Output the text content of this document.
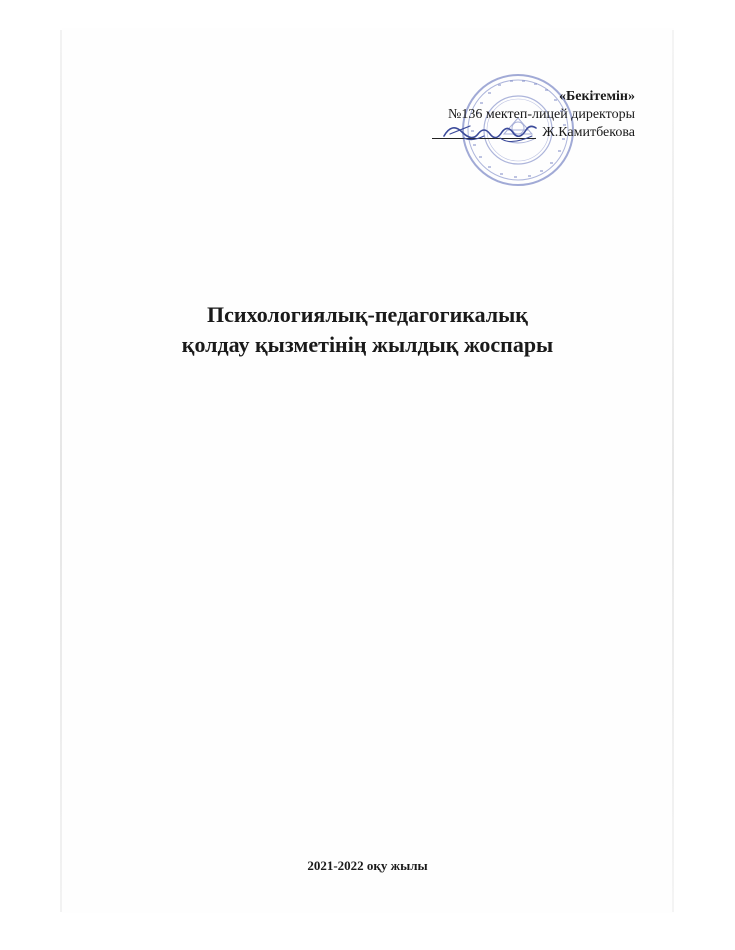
«Бекітемін»
№136 мектеп-лицей директоры
Ж.Камитбекова
Психологиялық-педагогикалық
қолдау қызметінің жылдық жоспары
2021-2022 оқу жылы
